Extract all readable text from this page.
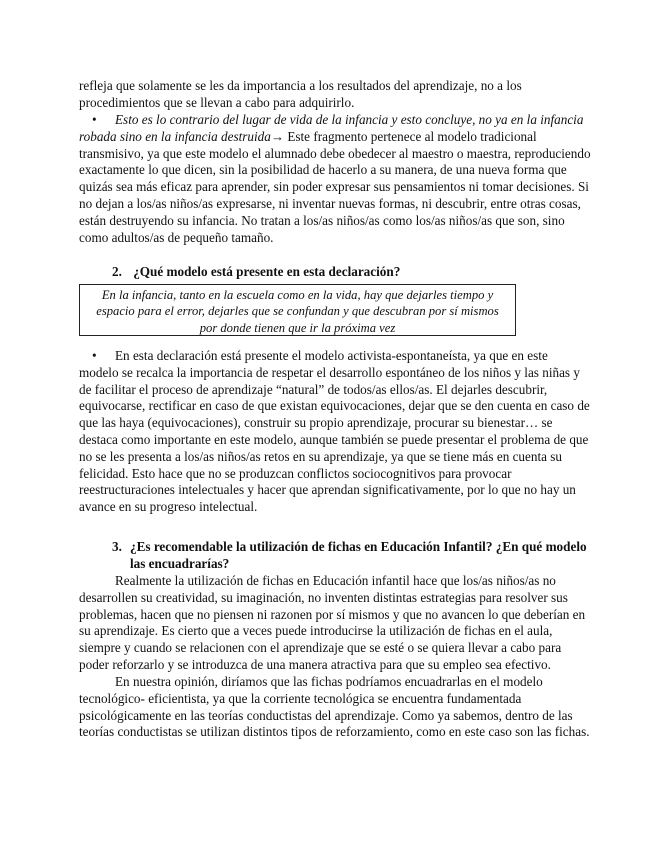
refleja que solamente se les da importancia a los resultados del aprendizaje, no a los
procedimientos que se llevan a cabo para adquirirlo.
• Esto es lo contrario del lugar de vida de la infancia y esto concluye, no ya en la infancia
robada sino en la infancia destruida→ Este fragmento pertenece al modelo tradicional
transmisivo, ya que este modelo el alumnado debe obedecer al maestro o maestra, reproduciendo
exactamente lo que dicen, sin la posibilidad de hacerlo a su manera, de una nueva forma que
quizás sea más eficaz para aprender, sin poder expresar sus pensamientos ni tomar decisiones. Si
no dejan a los/as niños/as expresarse, ni inventar nuevas formas, ni descubrir, entre otras cosas,
están destruyendo su infancia. No tratan a los/as niños/as como los/as niños/as que son, sino
como adultos/as de pequeño tamaño.
2. ¿Qué modelo está presente en esta declaración?
En la infancia, tanto en la escuela como en la vida, hay que dejarles tiempo y
espacio para el error, dejarles que se confundan y que descubran por sí mismos
por donde tienen que ir la próxima vez
• En esta declaración está presente el modelo activista-espontaneísta, ya que en este
modelo se recalca la importancia de respetar el desarrollo espontáneo de los niños y las niñas y
de facilitar el proceso de aprendizaje “natural” de todos/as ellos/as. El dejarles descubrir,
equivocarse, rectificar en caso de que existan equivocaciones, dejar que se den cuenta en caso de
que las haya (equivocaciones), construir su propio aprendizaje, procurar su bienestar… se
destaca como importante en este modelo, aunque también se puede presentar el problema de que
no se les presenta a los/as niños/as retos en su aprendizaje, ya que se tiene más en cuenta su
felicidad. Esto hace que no se produzcan conflictos sociocognitivos para provocar
reestructuraciones intelectuales y hacer que aprendan significativamente, por lo que no hay un
avance en su progreso intelectual.
3. ¿Es recomendable la utilización de fichas en Educación Infantil? ¿En qué modelo
las encuadrarías?
Realmente la utilización de fichas en Educación infantil hace que los/as niños/as no
desarrollen su creatividad, su imaginación, no inventen distintas estrategias para resolver sus
problemas, hacen que no piensen ni razonen por sí mismos y que no avancen lo que deberían en
su aprendizaje. Es cierto que a veces puede introducirse la utilización de fichas en el aula,
siempre y cuando se relacionen con el aprendizaje que se esté o se quiera llevar a cabo para
poder reforzarlo y se introduzca de una manera atractiva para que su empleo sea efectivo.
En nuestra opinión, diríamos que las fichas podríamos encuadrarlas en el modelo
tecnológico- eficientista, ya que la corriente tecnológica se encuentra fundamentada
psicológicamente en las teorías conductistas del aprendizaje. Como ya sabemos, dentro de las
teorías conductistas se utilizan distintos tipos de reforzamiento, como en este caso son las fichas.
